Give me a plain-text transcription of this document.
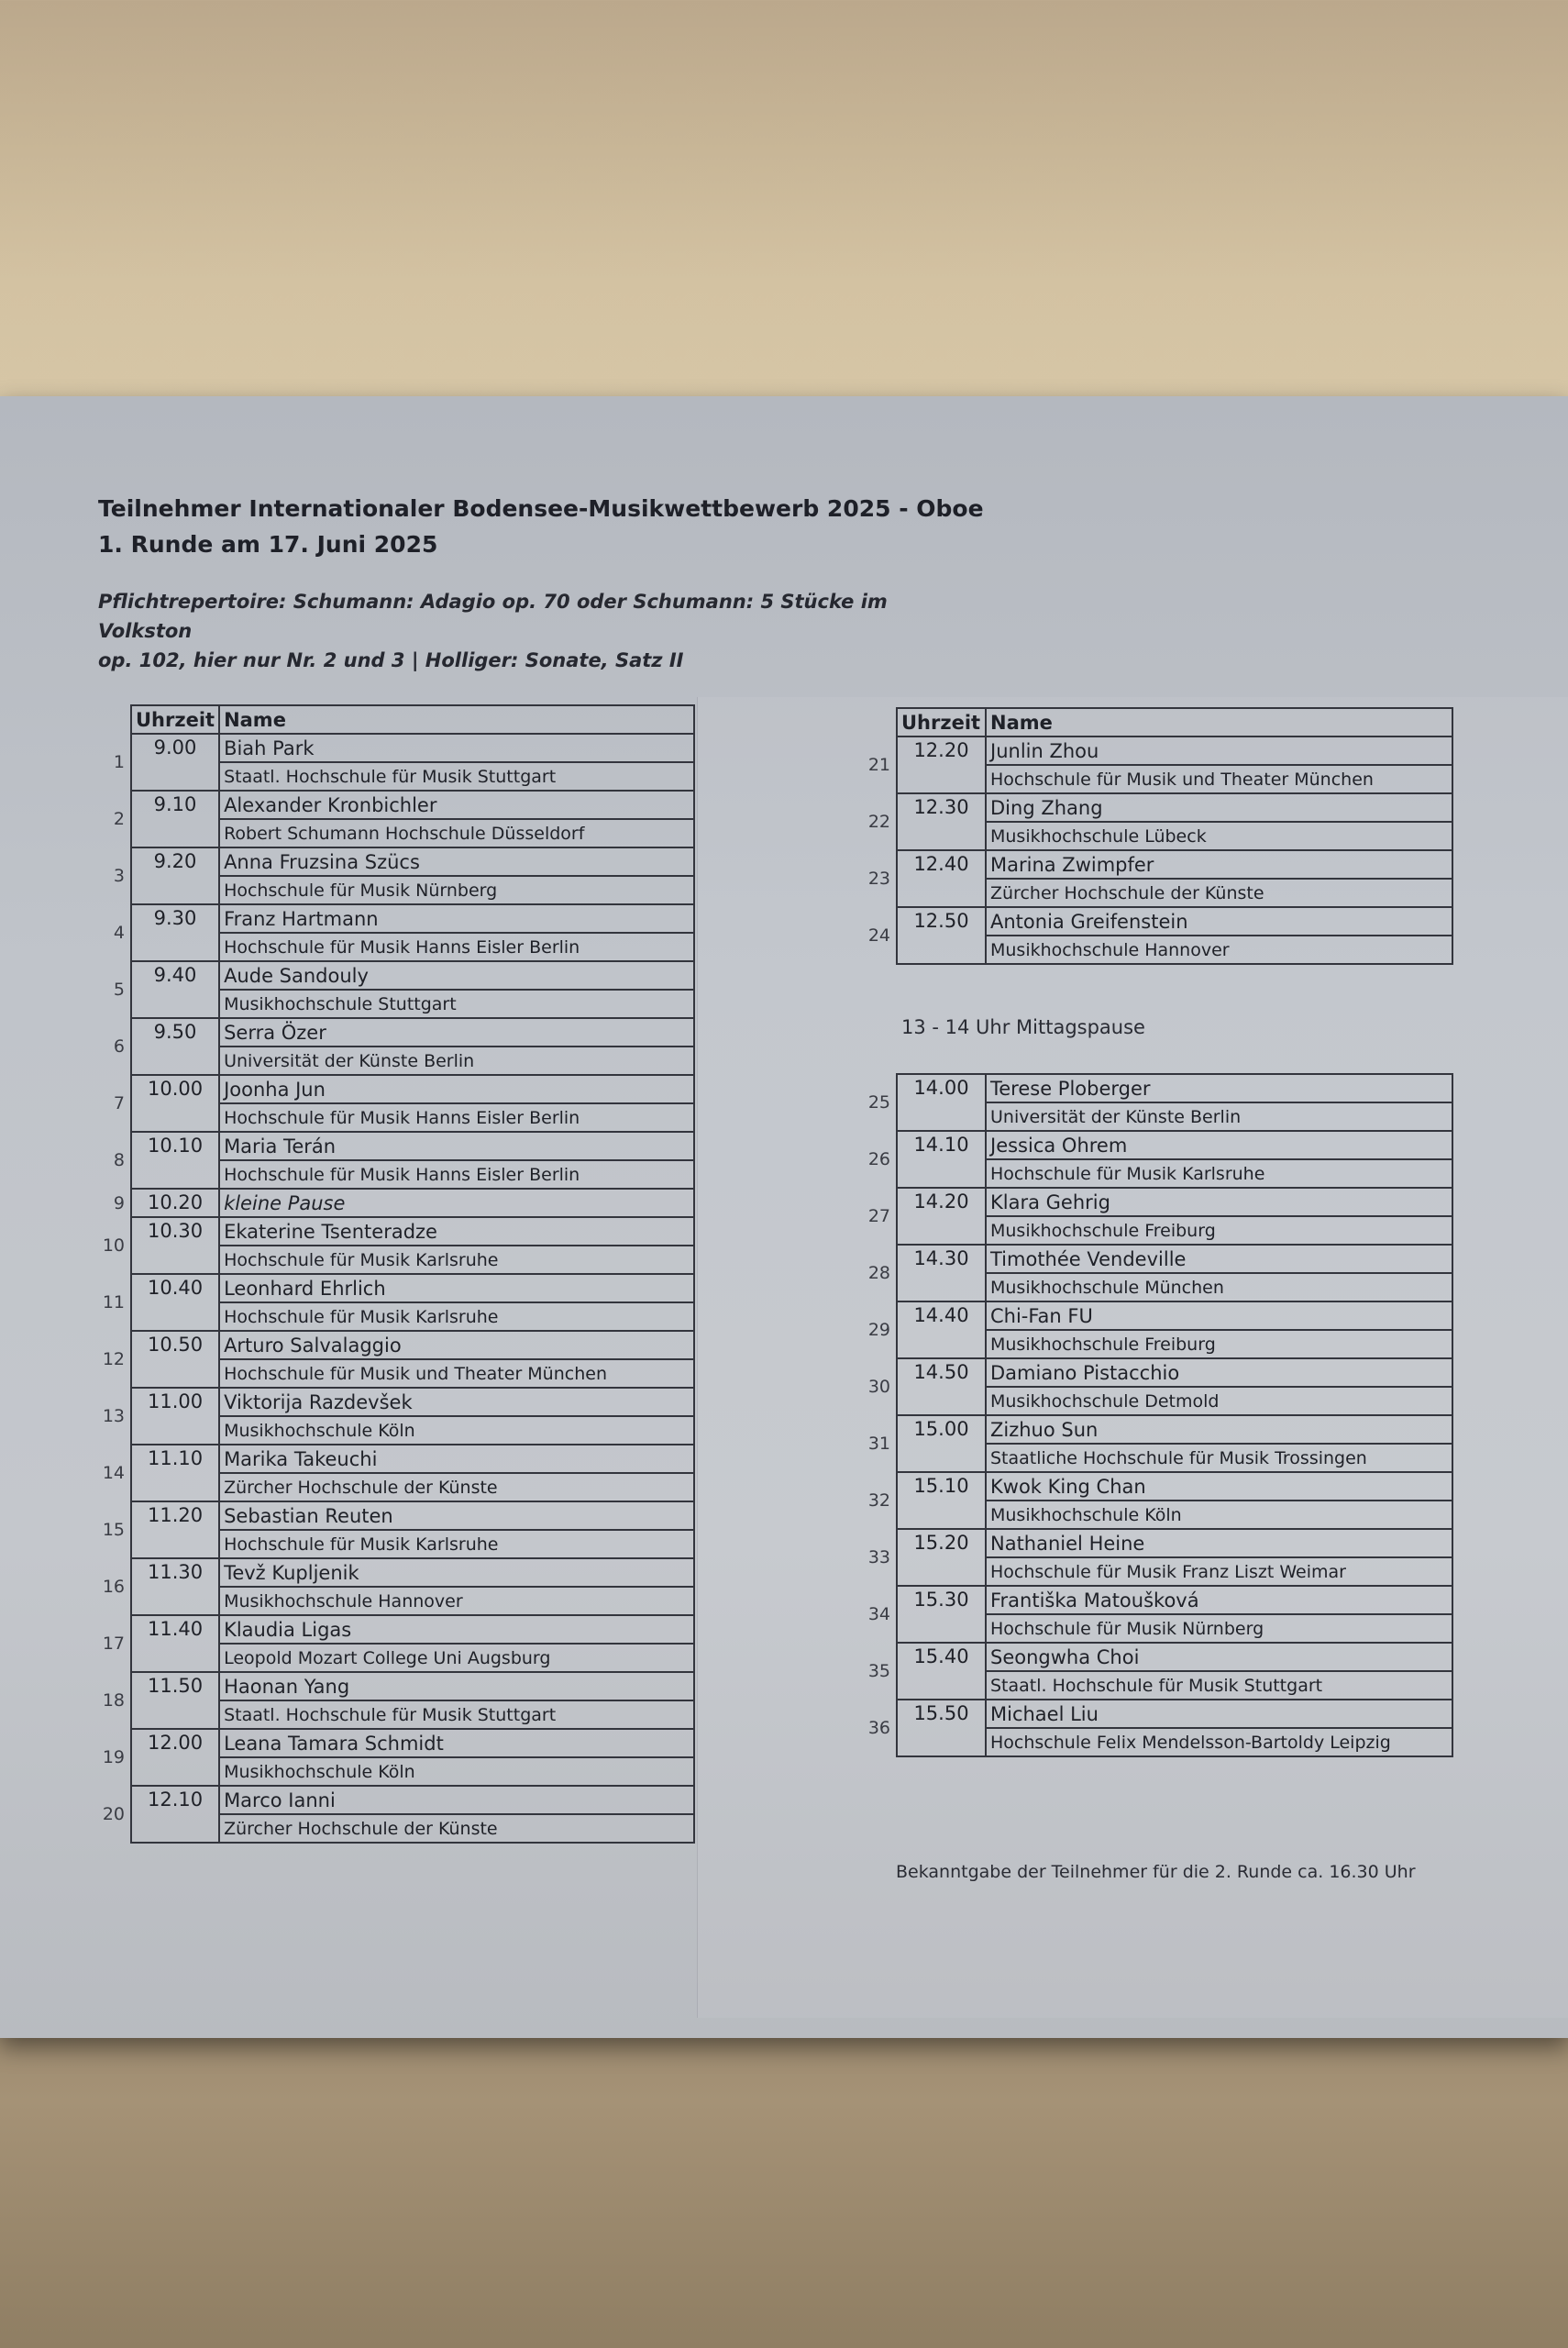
Teilnehmer Internationaler Bodensee-Musikwettbewerb 2025 - Oboe
1. Runde am 17. Juni 2025
Pflichtrepertoire: Schumann: Adagio op. 70 oder Schumann: 5 Stücke im Volkston
op. 102, hier nur Nr. 2 und 3 | Holliger: Sonate, Satz II
	Uhrzeit	Name
1	9.00	Biah Park
		Staatl. Hochschule für Musik Stuttgart
2	9.10	Alexander Kronbichler
		Robert Schumann Hochschule Düsseldorf
3	9.20	Anna Fruzsina Szücs
		Hochschule für Musik Nürnberg
4	9.30	Franz Hartmann
		Hochschule für Musik Hanns Eisler Berlin
5	9.40	Aude Sandouly
		Musikhochschule Stuttgart
6	9.50	Serra Özer
		Universität der Künste Berlin
7	10.00	Joonha Jun
		Hochschule für Musik Hanns Eisler Berlin
8	10.10	Maria Terán
		Hochschule für Musik Hanns Eisler Berlin
9	10.20	kleine Pause
10	10.30	Ekaterine Tsenteradze
		Hochschule für Musik Karlsruhe
11	10.40	Leonhard Ehrlich
		Hochschule für Musik Karlsruhe
12	10.50	Arturo Salvalaggio
		Hochschule für Musik und Theater München
13	11.00	Viktorija Razdevšek
		Musikhochschule Köln
14	11.10	Marika Takeuchi
		Zürcher Hochschule der Künste
15	11.20	Sebastian Reuten
		Hochschule für Musik Karlsruhe
16	11.30	Tevž Kupljenik
		Musikhochschule Hannover
17	11.40	Klaudia Ligas
		Leopold Mozart College Uni Augsburg
18	11.50	Haonan Yang
		Staatl. Hochschule für Musik Stuttgart
19	12.00	Leana Tamara Schmidt
		Musikhochschule Köln
20	12.10	Marco Ianni
		Zürcher Hochschule der Künste
	Uhrzeit	Name
21	12.20	Junlin Zhou
		Hochschule für Musik und Theater München
22	12.30	Ding Zhang
		Musikhochschule Lübeck
23	12.40	Marina Zwimpfer
		Zürcher Hochschule der Künste
24	12.50	Antonia Greifenstein
		Musikhochschule Hannover
13 - 14 Uhr Mittagspause
25	14.00	Terese Ploberger
		Universität der Künste Berlin
26	14.10	Jessica Ohrem
		Hochschule für Musik Karlsruhe
27	14.20	Klara Gehrig
		Musikhochschule Freiburg
28	14.30	Timothée Vendeville
		Musikhochschule München
29	14.40	Chi-Fan FU
		Musikhochschule Freiburg
30	14.50	Damiano Pistacchio
		Musikhochschule Detmold
31	15.00	Zizhuo Sun
		Staatliche Hochschule für Musik Trossingen
32	15.10	Kwok King Chan
		Musikhochschule Köln
33	15.20	Nathaniel Heine
		Hochschule für Musik Franz Liszt Weimar
34	15.30	Františka Matoušková
		Hochschule für Musik Nürnberg
35	15.40	Seongwha Choi
		Staatl. Hochschule für Musik Stuttgart
36	15.50	Michael Liu
		Hochschule Felix Mendelsson-Bartoldy Leipzig
Bekanntgabe der Teilnehmer für die 2. Runde ca. 16.30 Uhr
